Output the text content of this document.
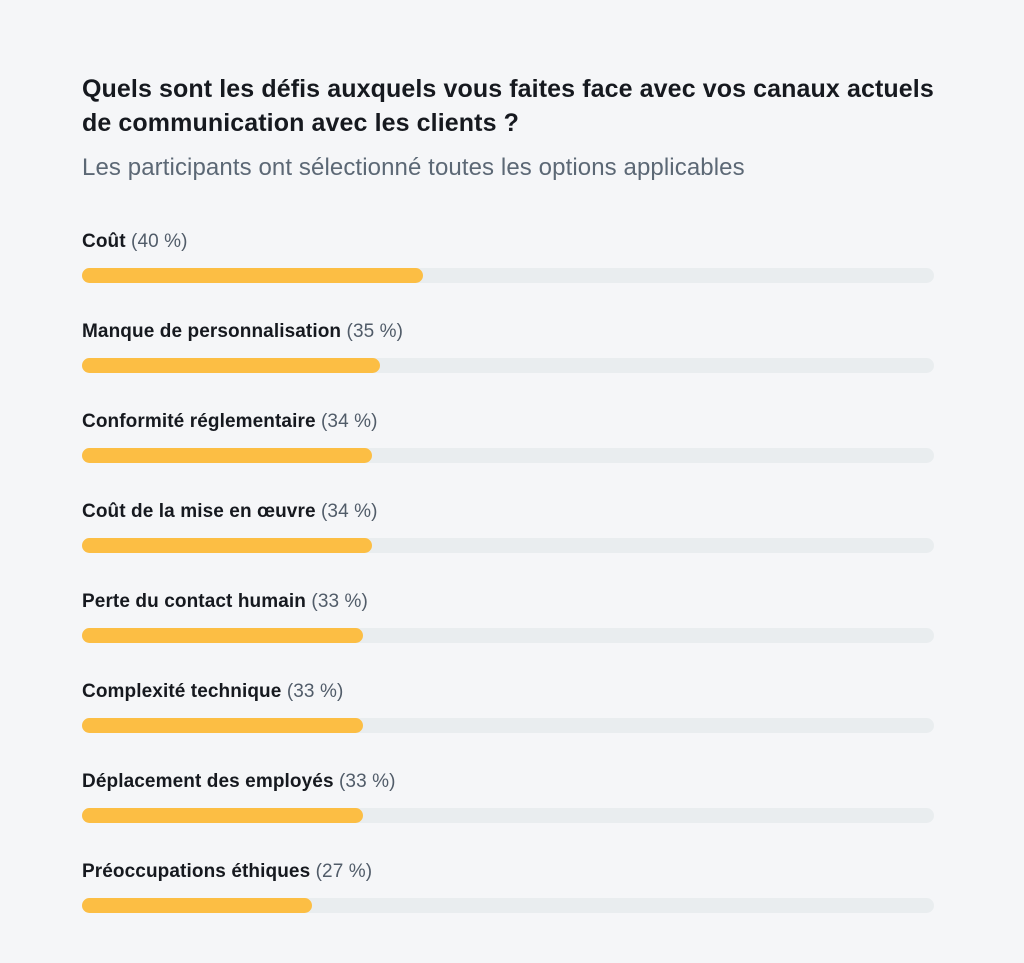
Quels sont les défis auxquels vous faites face avec vos canaux actuels de communication avec les clients ?
Les participants ont sélectionné toutes les options applicables
Coût (40 %)
Manque de personnalisation (35 %)
Conformité réglementaire (34 %)
Coût de la mise en œuvre (34 %)
Perte du contact humain (33 %)
Complexité technique (33 %)
Déplacement des employés (33 %)
Préoccupations éthiques (27 %)
